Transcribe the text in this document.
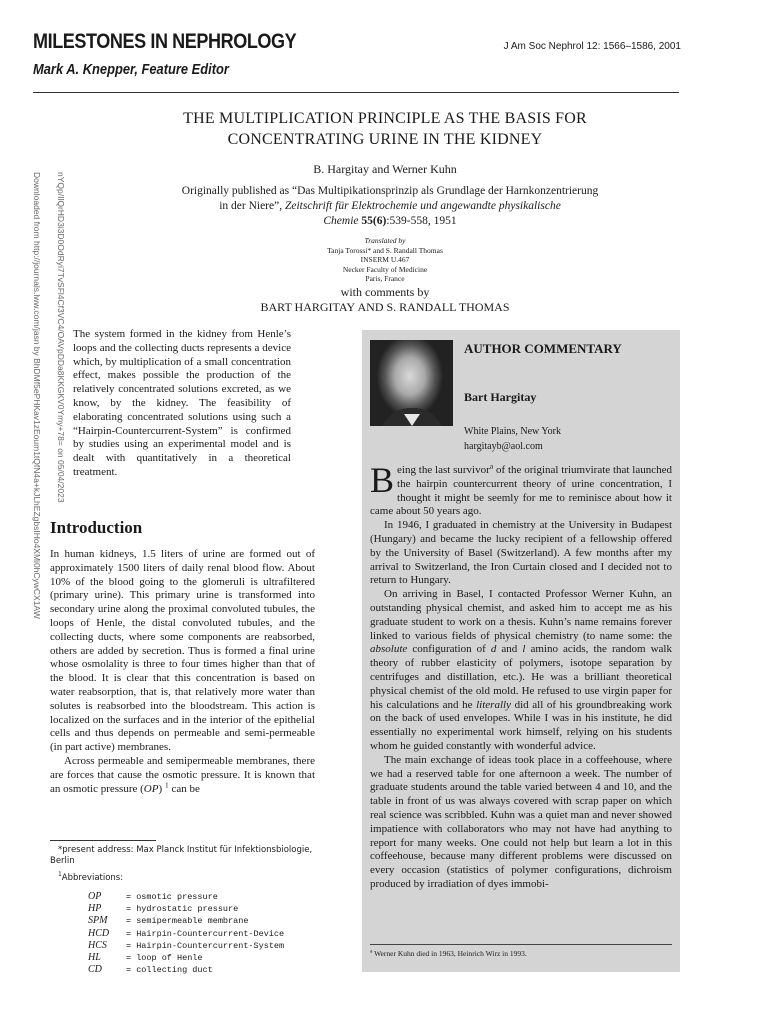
MILESTONES IN NEPHROLOGY
Mark A. Knepper, Feature Editor
J Am Soc Nephrol 12: 1566–1586, 2001
THE MULTIPLICATION PRINCIPLE AS THE BASIS FOR
CONCENTRATING URINE IN THE KIDNEY
B. Hargitay and Werner Kuhn
Originally published as “Das Multipikationsprinzip als Grundlage der Harnkonzentrierung
in der Niere”, Zeitschrift für Elektrochemie und angewandte physikalische
Chemie 55(6):539-558, 1951
Translated by
Tanja Torossi* and S. Randall Thomas
INSERM U.467
Necker Faculty of Medicine
Paris, France
with comments by
BART HARGITAY AND S. RANDALL THOMAS
Downloaded from http://journals.lww.com/jasn by BhDMf5ePHKav1zEoum1tQfN4a+kJLhEZgbsIHo4XMi0hCywCX1AW nYQp/IlQrHD3i3D0OdRyi7TvSFl4Cf3VC4/OAVpDDa8KKGKV0Ymy+78= on 05/04/2023 The system formed in the kidney from Henle’s loops and the collecting ducts represents a device which, by multiplication of a small concentration effect, makes possible the production of the relatively concentrated solutions excreted, as we know, by the kidney. The feasibility of elaborating concentrated solutions using such a “Hairpin-Countercurrent-System” is confirmed by studies using an experimental model and is dealt with quantitatively in a theoretical treatment.
Introduction

In human kidneys, 1.5 liters of urine are formed out of approximately 1500 liters of daily renal blood flow. About 10% of the blood going to the glomeruli is ultrafiltered (primary urine). This primary urine is transformed into secondary urine along the proximal convoluted tubules, the loops of Henle, the distal convoluted tubules, and the collecting ducts, where some components are reabsorbed, others are added by secretion. Thus is formed a final urine whose osmolality is three to four times higher than that of the blood. It is clear that this concentration is based on water reabsorption, that is, that relatively more water than solutes is reabsorbed into the bloodstream. This action is localized on the surfaces and in the interior of the epithelial cells and thus depends on permeable and semi-permeable (in part active) membranes.

Across permeable and semipermeable membranes, there are forces that cause the osmotic pressure. It is known that an osmotic pressure (OP) $^1$ can be

*present address: Max Planck Institut für Infektionsbiologie, Berlin

$^1$Abbreviations:

OP	= osmotic pressure
HP	= hydrostatic pressure
SPM	= semipermeable membrane
HCD	= Hairpin-Countercurrent-Device
HCS	= Hairpin-Countercurrent-System
HL	= loop of Henle
CD	= collecting duct
AUTHOR COMMENTARY
Bart Hargitay
White Plains, New York
hargitayb@aol.com

Being the last survivor$^a$ of the original triumvirate that launched the hairpin countercurrent theory of urine concentration, I thought it might be seemly for me to reminisce about how it came about 50 years ago.

In 1946, I graduated in chemistry at the University in Budapest (Hungary) and became the lucky recipient of a fellowship offered by the University of Basel (Switzerland). A few months after my arrival to Switzerland, the Iron Curtain closed and I decided not to return to Hungary.

On arriving in Basel, I contacted Professor Werner Kuhn, an outstanding physical chemist, and asked him to accept me as his graduate student to work on a thesis. Kuhn’s name remains forever linked to various fields of physical chemistry (to name some: the absolute configuration of d and l amino acids, the random walk theory of rubber elasticity of polymers, isotope separation by centrifuges and distillation, etc.). He was a brilliant theoretical physical chemist of the old mold. He refused to use virgin paper for his calculations and he literally did all of his groundbreaking work on the back of used envelopes. While I was in his institute, he did essentially no experimental work himself, relying on his students whom he guided constantly with wonderful advice.

The main exchange of ideas took place in a coffeehouse, where we had a reserved table for one afternoon a week. The number of graduate students around the table varied between 4 and 10, and the table in front of us was always covered with scrap paper on which real science was scribbled. Kuhn was a quiet man and never showed impatience with collaborators who may not have had anything to report for many weeks. One could not help but learn a lot in this coffeehouse, because many different problems were discussed on every occasion (statistics of polymer configurations, dichroism produced by irradiation of dyes immobi-

$^a$ Werner Kuhn died in 1963, Heinrich Wirz in 1993.
